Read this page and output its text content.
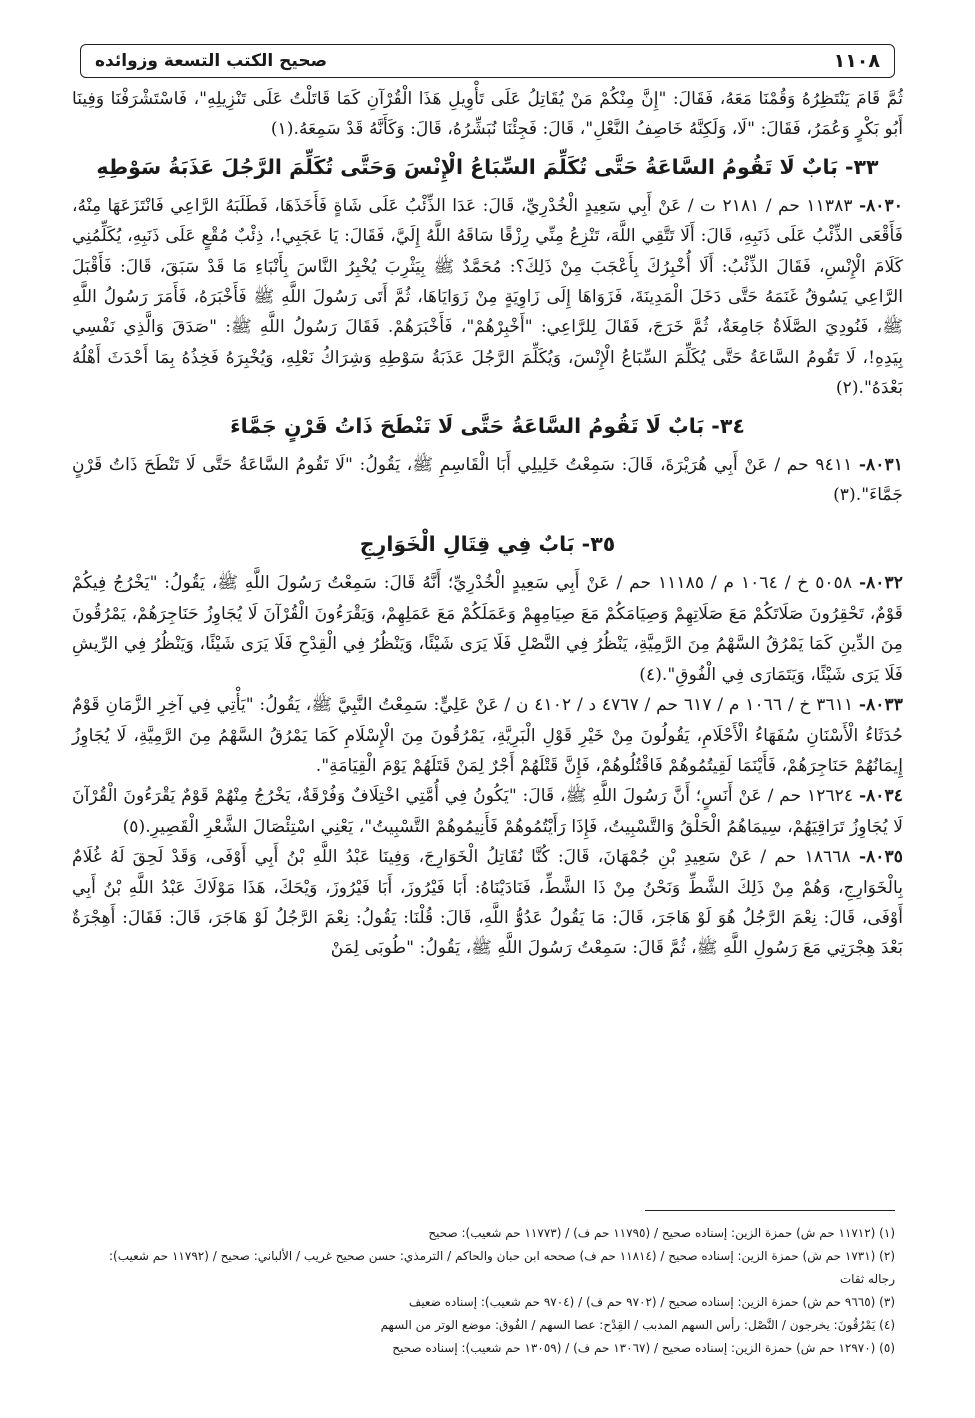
١١٠٨
صحيح الكتب التسعة وزوائده

ثُمَّ قَامَ يَنْتَظِرُهُ وَقُمْنَا مَعَهُ، فَقَالَ: "إِنَّ مِنْكُمْ مَنْ يُقَاتِلُ عَلَى تَأْوِيلِ هَذَا الْقُرْآنِ كَمَا قَاتَلْتُ عَلَى تَنْزِيلِهِ"، فَاسْتَشْرَفْنَا وَفِينَا أَبُو بَكْرٍ وَعُمَرُ، فَقَالَ: "لَا، وَلَكِنَّهُ خَاصِفُ النَّعْلِ"، قَالَ: فَجِئْنَا نُبَشِّرُهُ، قَالَ: وَكَأَنَّهُ قَدْ سَمِعَهُ.(١)

٣٣- بَابٌ لَا تَقُومُ السَّاعَةُ حَتَّى تُكَلِّمَ السِّبَاعُ الْإِنْسَ وَحَتَّى تُكَلِّمَ الرَّجُلَ عَذَبَةُ سَوْطِهِ

٨٠٣٠- ١١٣٨٣ حم / ٢١٨١ ت / عَنْ أَبِي سَعِيدٍ الْخُدْرِيِّ، قَالَ: عَدَا الذِّئْبُ عَلَى شَاةٍ فَأَخَذَهَا، فَطَلَبَهُ الرَّاعِي فَانْتَزَعَهَا مِنْهُ، فَأَقْعَى الذِّئْبُ عَلَى ذَنَبِهِ، قَالَ: أَلَا تَتَّقِي اللَّهَ، تَنْزِعُ مِنِّي رِزْقًا سَاقَهُ اللَّهُ إِلَيَّ، فَقَالَ: يَا عَجَبِي!، ذِئْبٌ مُقْعٍ عَلَى ذَنَبِهِ، يُكَلِّمُنِي كَلَامَ الْإِنْسِ، فَقَالَ الذِّئْبُ: أَلَا أُخْبِرُكَ بِأَعْجَبَ مِنْ ذَلِكَ؟: مُحَمَّدٌ ﷺ بِيَثْرِبَ يُخْبِرُ النَّاسَ بِأَنْبَاءِ مَا قَدْ سَبَقَ، قَالَ: فَأَقْبَلَ الرَّاعِي يَسُوقُ غَنَمَهُ حَتَّى دَخَلَ الْمَدِينَةَ، فَزَوَاهَا إِلَى زَاوِيَةٍ مِنْ زَوَايَاهَا، ثُمَّ أَتَى رَسُولَ اللَّهِ ﷺ فَأَخْبَرَهُ، فَأَمَرَ رَسُولُ اللَّهِ ﷺ، فَنُودِيَ الصَّلَاةُ جَامِعَةٌ، ثُمَّ خَرَجَ، فَقَالَ لِلرَّاعِي: "أَخْبِرْهُمْ"، فَأَخْبَرَهُمْ. فَقَالَ رَسُولُ اللَّهِ ﷺ: "صَدَقَ وَالَّذِي نَفْسِي بِيَدِهِ!، لَا تَقُومُ السَّاعَةُ حَتَّى يُكَلِّمَ السِّبَاعُ الْإِنْسَ، وَيُكَلِّمَ الرَّجُلَ عَذَبَةُ سَوْطِهِ وَشِرَاكُ نَعْلِهِ، وَيُخْبِرَهُ فَخِذُهُ بِمَا أَحْدَثَ أَهْلُهُ بَعْدَهُ".(٢)

٣٤- بَابٌ لَا تَقُومُ السَّاعَةُ حَتَّى لَا تَنْطَحَ ذَاتُ قَرْنٍ جَمَّاءَ

٨٠٣١- ٩٤١١ حم / عَنْ أَبِي هُرَيْرَةَ، قَالَ: سَمِعْتُ خَلِيلِي أَبَا الْقَاسِمِ ﷺ، يَقُولُ: "لَا تَقُومُ السَّاعَةُ حَتَّى لَا تَنْطَحَ ذَاتُ قَرْنٍ جَمَّاءَ".(٣)

٣٥- بَابٌ فِي قِتَالِ الْخَوَارِجِ

٨٠٣٢- ٥٠٥٨ خ / ١٠٦٤ م / ١١١٨٥ حم / عَنْ أَبِي سَعِيدٍ الْخُدْرِيِّ؛ أَنَّهُ قَالَ: سَمِعْتُ رَسُولَ اللَّهِ ﷺ، يَقُولُ: "يَخْرُجُ فِيكُمْ قَوْمٌ، تَحْقِرُونَ صَلَاتَكُمْ مَعَ صَلَاتِهِمْ وَصِيَامَكُمْ مَعَ صِيَامِهِمْ وَعَمَلَكُمْ مَعَ عَمَلِهِمْ، وَيَقْرَءُونَ الْقُرْآنَ لَا يُجَاوِزُ حَنَاجِرَهُمْ، يَمْرُقُونَ مِنَ الدِّينِ كَمَا يَمْرُقُ السَّهْمُ مِنَ الرَّمِيَّةِ، يَنْظُرُ فِي النَّصْلِ فَلَا يَرَى شَيْئًا، وَيَنْظُرُ فِي الْقِدْحِ فَلَا يَرَى شَيْئًا، وَيَنْظُرُ فِي الرِّيشِ فَلَا يَرَى شَيْئًا، وَيَتَمَارَى فِي الْفُوقِ".(٤)

٨٠٣٣- ٣٦١١ خ / ١٠٦٦ م / ٦١٧ حم / ٤٧٦٧ د / ٤١٠٢ ن / عَنْ عَلِيٍّ: سَمِعْتُ النَّبِيَّ ﷺ، يَقُولُ: "يَأْتِي فِي آخِرِ الزَّمَانِ قَوْمٌ حُدَثَاءُ الْأَسْنَانِ سُفَهَاءُ الْأَحْلَامِ، يَقُولُونَ مِنْ خَيْرِ قَوْلِ الْبَرِيَّةِ، يَمْرُقُونَ مِنَ الْإِسْلَامِ كَمَا يَمْرُقُ السَّهْمُ مِنَ الرَّمِيَّةِ، لَا يُجَاوِزُ إِيمَانُهُمْ حَنَاجِرَهُمْ، فَأَيْنَمَا لَقِيتُمُوهُمْ فَاقْتُلُوهُمْ، فَإِنَّ قَتْلَهُمْ أَجْرٌ لِمَنْ قَتَلَهُمْ يَوْمَ الْقِيَامَةِ".

٨٠٣٤- ١٢٦٢٤ حم / عَنْ أَنَسٍ؛ أَنَّ رَسُولَ اللَّهِ ﷺ، قَالَ: "يَكُونُ فِي أُمَّتِي اخْتِلَافٌ وَفُرْقَةٌ، يَخْرُجُ مِنْهُمْ قَوْمٌ يَقْرَءُونَ الْقُرْآنَ لَا يُجَاوِزُ تَرَاقِيَهُمْ، سِيمَاهُمُ الْحَلْقُ وَالتَّسْبِيتُ، فَإِذَا رَأَيْتُمُوهُمْ فَأَنِيمُوهُمْ التَّسْبِيتُ"، يَعْنِي اسْتِئْصَالَ الشَّعْرِ الْقَصِيرِ.(٥)

٨٠٣٥- ١٨٦٦٨ حم / عَنْ سَعِيدِ بْنِ جُمْهَانَ، قَالَ: كُنَّا نُقَاتِلُ الْخَوَارِجَ، وَفِينَا عَبْدُ اللَّهِ بْنُ أَبِي أَوْفَى، وَقَدْ لَحِقَ لَهُ غُلَامٌ بِالْخَوَارِجِ، وَهُمْ مِنْ ذَلِكَ الشَّطِّ وَنَحْنُ مِنْ ذَا الشَّطِّ، فَنَادَيْنَاهُ: أَبَا فَيْرُوزَ، أَبَا فَيْرُوزَ، وَيْحَكَ، هَذَا مَوْلَاكَ عَبْدُ اللَّهِ بْنُ أَبِي أَوْفَى، قَالَ: نِعْمَ الرَّجُلُ هُوَ لَوْ هَاجَرَ، قَالَ: مَا يَقُولُ عَدُوُّ اللَّهِ، قَالَ: قُلْنَا: يَقُولُ: نِعْمَ الرَّجُلُ لَوْ هَاجَرَ، قَالَ: فَقَالَ: أَهِجْرَةٌ بَعْدَ هِجْرَتِي مَعَ رَسُولِ اللَّهِ ﷺ، ثُمَّ قَالَ: سَمِعْتُ رَسُولَ اللَّهِ ﷺ، يَقُولُ: "طُوبَى لِمَنْ

(١) (١١٧١٢ حم ش) حمزة الزين: إسناده صحيح / (١١٧٩٥ حم ف) / (١١٧٧٣ حم شعيب): صحيح

(٢) (١٧٣١ حم ش) حمزة الزين: إسناده صحيح / (١١٨١٤ حم ف) صححه ابن حبان والحاكم / الترمذي: حسن صحيح غريب / الألباني: صحيح / (١١٧٩٢ حم شعيب): رجاله ثقات

(٣) (٩٦٦٥ حم ش) حمزة الزين: إسناده صحيح / (٩٧٠٢ حم ف) / (٩٧٠٤ حم شعيب): إسناده ضعيف

(٤) يَمْرُقُونَ: يخرجون / النَّصْل: رأس السهم المدبب / القِدْح: عصا السهم / الفُوق: موضع الوتر من السهم

(٥) (١٢٩٧٠ حم ش) حمزة الزين: إسناده صحيح / (١٣٠٦٧ حم ف) / (١٣٠٥٩ حم شعيب): إسناده صحيح
